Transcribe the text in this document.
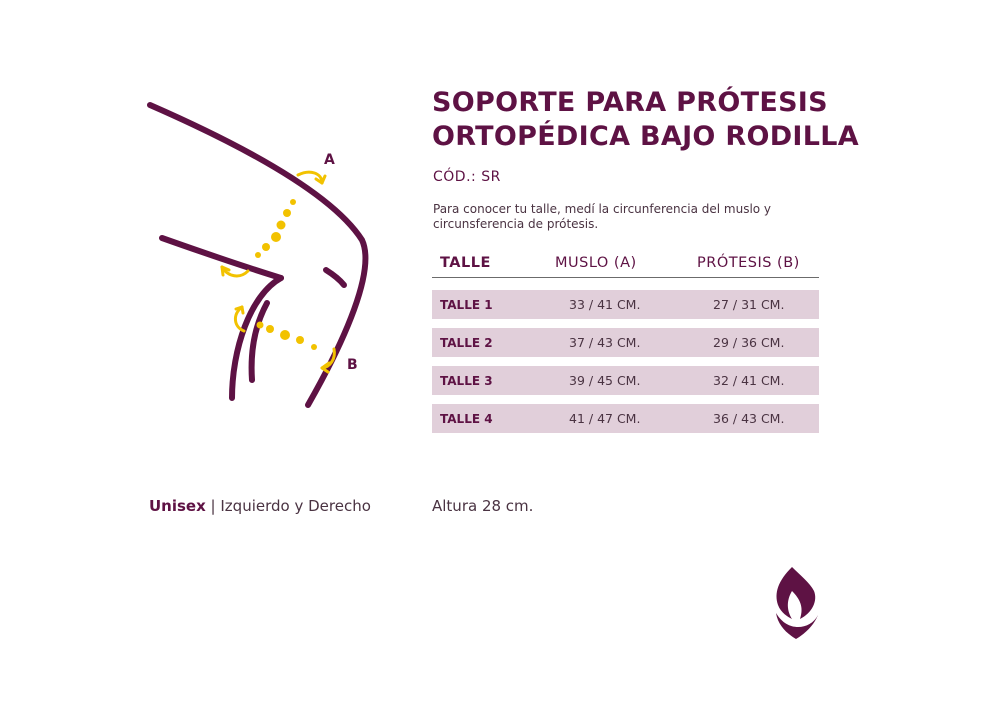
A
B
SOPORTE PARA PRÓTESIS
ORTOPÉDICA BAJO RODILLA
CÓD.: SR
Para conocer tu talle, medí la circunferencia del muslo y circunsferencia de prótesis.
TALLE	MUSLO (A)	PRÓTESIS (B)
TALLE 1	33 / 41 CM.	27 / 31 CM.
TALLE 2	37 / 43 CM.	29 / 36 CM.
TALLE 3	39 / 45 CM.	32 / 41 CM.
TALLE 4	41 / 47 CM.	36 / 43 CM.
Unisex | Izquierdo y Derecho	Altura 28 cm.
